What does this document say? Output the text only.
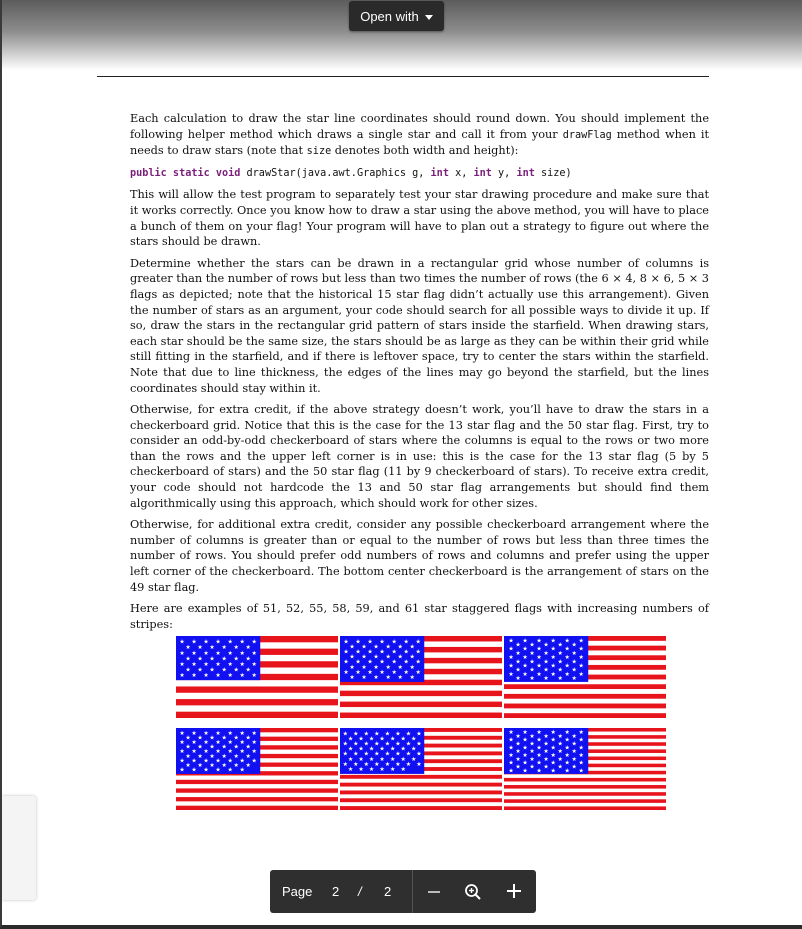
Open with

Each calculation to draw the star line coordinates should round down. You should implement the following helper method which draws a single star and call it from your drawFlag method when it needs to draw stars (note that size denotes both width and height):

public static void drawStar(java.awt.Graphics g, int x, int y, int size)

This will allow the test program to separately test your star drawing procedure and make sure that it works correctly. Once you know how to draw a star using the above method, you will have to place a bunch of them on your flag! Your program will have to plan out a strategy to figure out where the stars should be drawn.

Determine whether the stars can be drawn in a rectangular grid whose number of columns is greater than the number of rows but less than two times the number of rows (the 6 × 4, 8 × 6, 5 × 3 flags as depicted; note that the historical 15 star flag didn’t actually use this arrangement). Given the number of stars as an argument, your code should search for all possible ways to divide it up. If so, draw the stars in the rectangular grid pattern of stars inside the starfield. When drawing stars, each star should be the same size, the stars should be as large as they can be within their grid while still fitting in the starfield, and if there is leftover space, try to center the stars within the starfield. Note that due to line thickness, the edges of the lines may go beyond the starfield, but the lines coordinates should stay within it.

Otherwise, for extra credit, if the above strategy doesn’t work, you’ll have to draw the stars in a checkerboard grid. Notice that this is the case for the 13 star flag and the 50 star flag. First, try to consider an odd-by-odd checkerboard of stars where the columns is equal to the rows or two more than the rows and the upper left corner is in use: this is the case for the 13 star flag (5 by 5 checkerboard of stars) and the 50 star flag (11 by 9 checkerboard of stars). To receive extra credit, your code should not hardcode the 13 and 50 star flag arrangements but should find them algorithmically using this approach, which should work for other sizes.

Otherwise, for additional extra credit, consider any possible checkerboard arrangement where the number of columns is greater than or equal to the number of rows but less than three times the number of rows. You should prefer odd numbers of rows and columns and prefer using the upper left corner of the checkerboard. The bottom center checkerboard is the arrangement of stars on the 49 star flag.

Here are examples of 51, 52, 55, 58, 59, and 61 star staggered flags with increasing numbers of stripes:

★ ★ ★ ★ ★ ★ ★
★ ★ ★ ★ ★ ★
★ ★ ★ ★ ★ ★ ★
★ ★ ★ ★ ★ ★
★ ★ ★ ★ ★ ★ ★
★ ★ ★ ★ ★ ★
★ ★ ★ ★ ★ ★ ★
★ ★ ★ ★ ★ ★ ★
★ ★ ★ ★ ★ ★
★ ★ ★ ★ ★ ★ ★
★ ★ ★ ★ ★ ★
★ ★ ★ ★ ★ ★ ★
★ ★ ★ ★ ★ ★
★ ★ ★ ★ ★ ★ ★
★ ★ ★ ★ ★ ★
★ ★ ★ ★ ★ ★
★ ★ ★ ★ ★
★ ★ ★ ★ ★ ★
★ ★ ★ ★ ★
★ ★ ★ ★ ★ ★
★ ★ ★ ★ ★
★ ★ ★ ★ ★ ★
★ ★ ★ ★ ★
★ ★ ★ ★ ★ ★
★ ★ ★ ★ ★
★ ★ ★ ★ ★ ★ ★
★ ★ ★ ★ ★ ★
★ ★ ★ ★ ★ ★ ★
★ ★ ★ ★ ★ ★
★ ★ ★ ★ ★ ★ ★
★ ★ ★ ★ ★ ★
★ ★ ★ ★ ★ ★ ★
★ ★ ★ ★ ★ ★
★ ★ ★ ★ ★ ★
★ ★ ★ ★ ★ ★ ★ ★
★ ★ ★ ★ ★ ★ ★
★ ★ ★ ★ ★ ★ ★ ★
★ ★ ★ ★ ★ ★ ★
★ ★ ★ ★ ★ ★ ★ ★
★ ★ ★ ★ ★ ★ ★
★ ★ ★ ★ ★ ★ ★ ★
★ ★ ★ ★ ★ ★
★ ★ ★ ★ ★ ★
★ ★ ★ ★ ★
★ ★ ★ ★ ★ ★
★ ★ ★ ★ ★
★ ★ ★ ★ ★ ★
★ ★ ★ ★ ★
★ ★ ★ ★ ★ ★
★ ★ ★ ★ ★
★ ★ ★ ★ ★ ★
★ ★ ★ ★ ★
★ ★ ★ ★ ★ ★
Page 2 / 2
